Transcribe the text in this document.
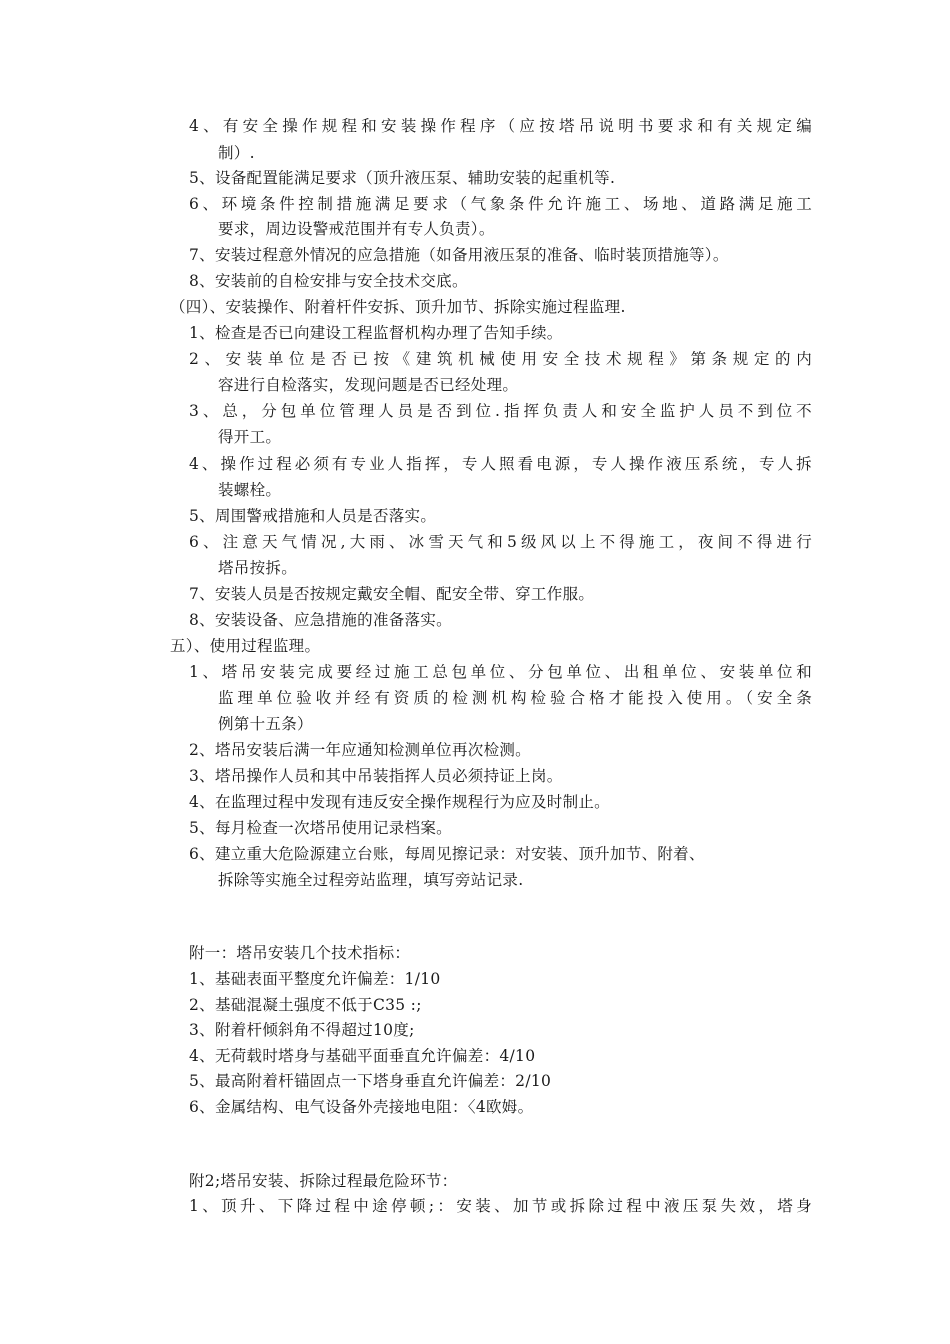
4、有安全操作规程和安装操作程序（应按塔吊说明书要求和有关规定编
制）.
5、设备配置能满足要求（顶升液压泵、辅助安装的起重机等.
6、环境条件控制措施满足要求（气象条件允许施工、场地、道路满足施工
要求，周边设警戒范围并有专人负责）。
7、安装过程意外情况的应急措施（如备用液压泵的准备、临时装顶措施等）。
8、安装前的自检安排与安全技术交底。
（四）、安装操作、附着杆件安拆、顶升加节、拆除实施过程监理.
1、检查是否已向建设工程监督机构办理了告知手续。
2、安装单位是否已按《建筑机械使用安全技术规程》第条规定的内
容进行自检落实，发现问题是否已经处理。
3、总，分包单位管理人员是否到位.指挥负责人和安全监护人员不到位不
得开工。
4、操作过程必须有专业人指挥，专人照看电源，专人操作液压系统，专人拆
装螺栓。
5、周围警戒措施和人员是否落实。
6、注意天气情况,大雨、冰雪天气和5级风以上不得施工，夜间不得进行
塔吊按拆。
7、安装人员是否按规定戴安全帽、配安全带、穿工作服。
8、安装设备、应急措施的准备落实。
五）、使用过程监理。
1、塔吊安装完成要经过施工总包单位、分包单位、出租单位、安装单位和
监理单位验收并经有资质的检测机构检验合格才能投入使用。（安全条
例第十五条）
2、塔吊安装后满一年应通知检测单位再次检测。
3、塔吊操作人员和其中吊装指挥人员必须持证上岗。
4、在监理过程中发现有违反安全操作规程行为应及时制止。
5、每月检查一次塔吊使用记录档案。
6、建立重大危险源建立台账，每周见擦记录：对安装、顶升加节、附着、
拆除等实施全过程旁站监理，填写旁站记录.
附一：塔吊安装几个技术指标：
1、基础表面平整度允许偏差：1/10
2、基础混凝土强度不低于C35 :;
3、附着杆倾斜角不得超过10度;
4、无荷载时塔身与基础平面垂直允许偏差：4/10
5、最高附着杆锚固点一下塔身垂直允许偏差：2/10
6、金属结构、电气设备外壳接地电阻：〈4欧姆。
附2;塔吊安装、拆除过程最危险环节：
1、顶升、下降过程中途停顿;：安装、加节或拆除过程中液压泵失效，塔身
